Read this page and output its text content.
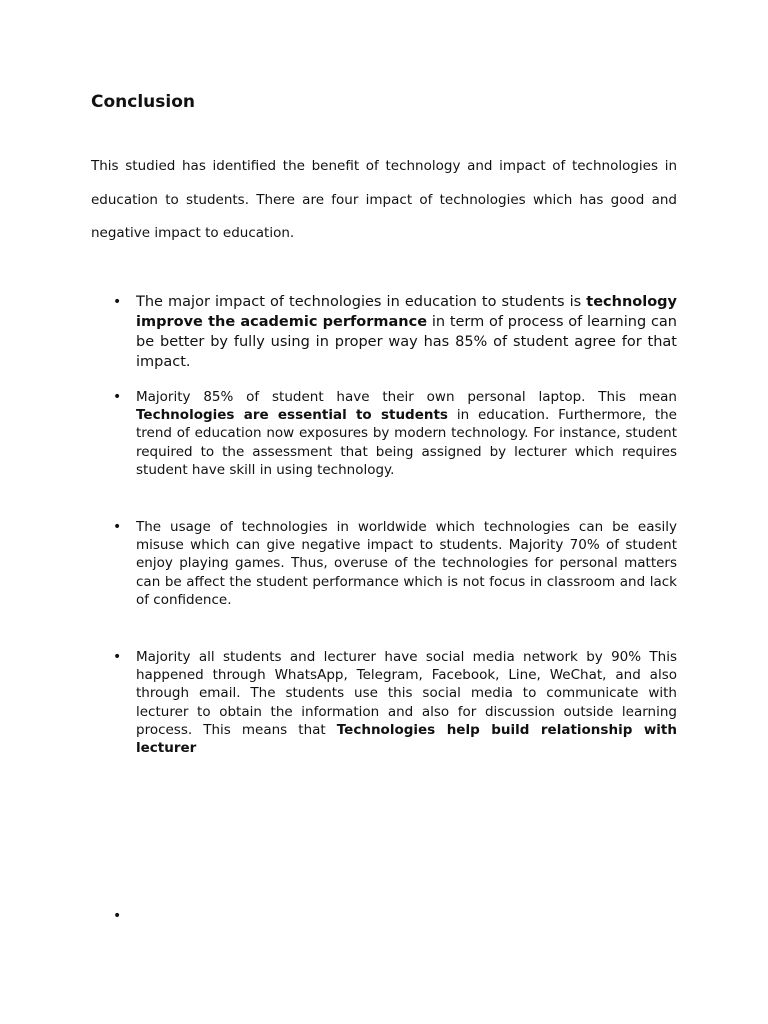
Conclusion

This studied has identified the benefit of technology and impact of technologies in education to students. There are four impact of technologies which has good and negative impact to education.

• The major impact of technologies in education to students is technology improve the academic performance in term of process of learning can be better by fully using in proper way has 85% of student agree for that impact.
• Majority 85% of student have their own personal laptop. This mean Technologies are essential to students in education. Furthermore, the trend of education now exposures by modern technology. For instance, student required to the assessment that being assigned by lecturer which requires student have skill in using technology.
• The usage of technologies in worldwide which technologies can be easily misuse which can give negative impact to students. Majority 70% of student enjoy playing games. Thus, overuse of the technologies for personal matters can be affect the student performance which is not focus in classroom and lack of confidence.
• Majority all students and lecturer have social media network by 90% This happened through WhatsApp, Telegram, Facebook, Line, WeChat, and also through email. The students use this social media to communicate with lecturer to obtain the information and also for discussion outside learning process. This means that Technologies help build relationship with lecturer
•
